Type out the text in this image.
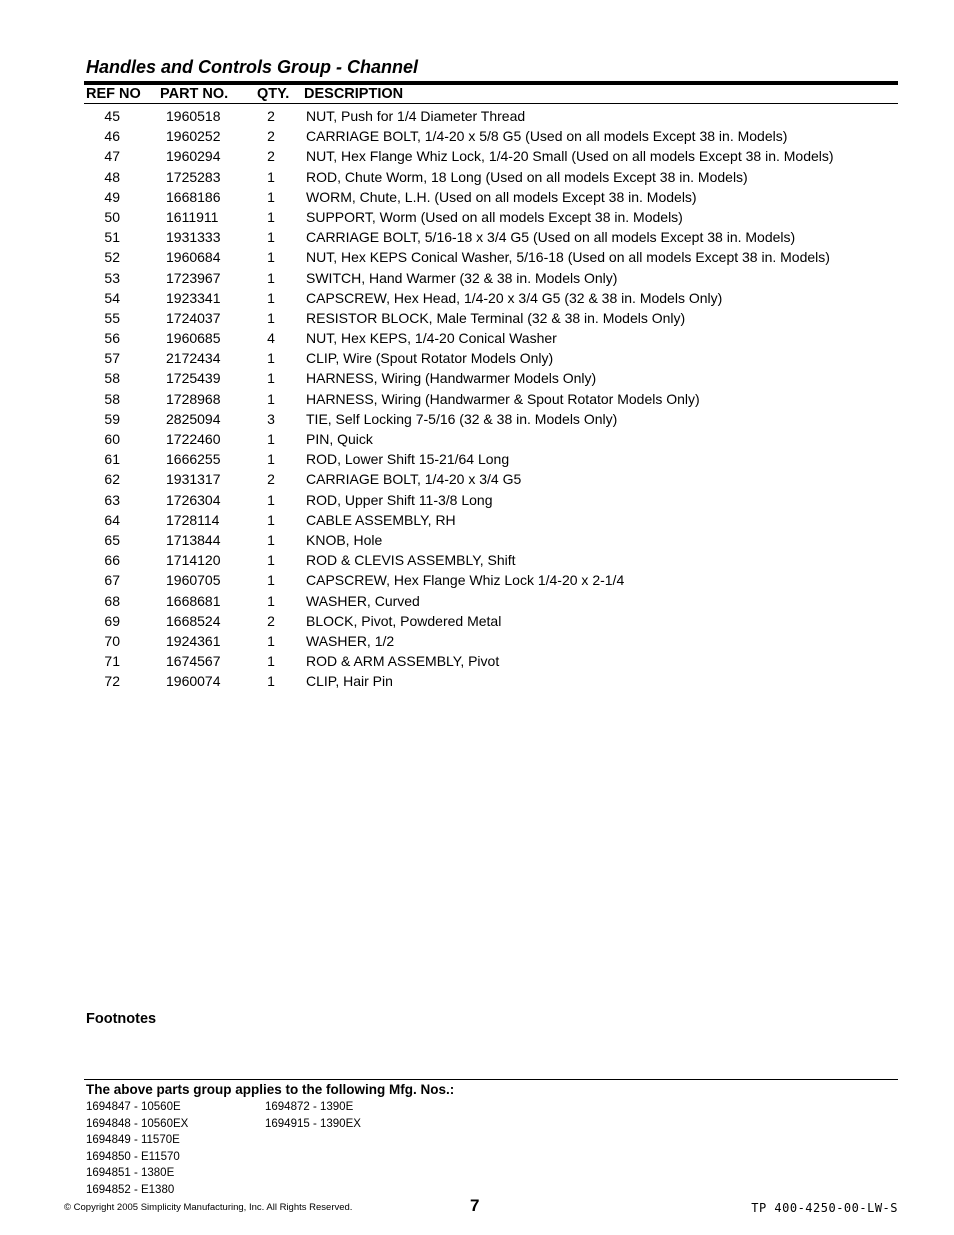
Handles and Controls Group - Channel
REF NO PART NO. QTY. DESCRIPTION
45	1960518	2 NUT, Push for 1/4 Diameter Thread
46	1960252	2 CARRIAGE BOLT, 1/4-20 x 5/8 G5 (Used on all models Except 38 in. Models)
47	1960294	2 NUT, Hex Flange Whiz Lock, 1/4-20 Small (Used on all models Except 38 in. Models)
48	1725283	1 ROD, Chute Worm, 18 Long (Used on all models Except 38 in. Models)
49	1668186	1 WORM, Chute, L.H. (Used on all models Except 38 in. Models)
50	1611911	1 SUPPORT, Worm (Used on all models Except 38 in. Models)
51	1931333	1 CARRIAGE BOLT, 5/16-18 x 3/4 G5 (Used on all models Except 38 in. Models)
52	1960684	1 NUT, Hex KEPS Conical Washer, 5/16-18 (Used on all models Except 38 in. Models)
53	1723967	1 SWITCH, Hand Warmer (32 & 38 in. Models Only)
54	1923341	1 CAPSCREW, Hex Head, 1/4-20 x 3/4 G5 (32 & 38 in. Models Only)
55	1724037	1 RESISTOR BLOCK, Male Terminal (32 & 38 in. Models Only)
56	1960685	4 NUT, Hex KEPS, 1/4-20 Conical Washer
57	2172434	1 CLIP, Wire (Spout Rotator Models Only)
58	1725439	1 HARNESS, Wiring (Handwarmer Models Only)
58	1728968	1 HARNESS, Wiring (Handwarmer & Spout Rotator Models Only)
59	2825094	3 TIE, Self Locking 7-5/16 (32 & 38 in. Models Only)
60	1722460	1 PIN, Quick
61	1666255	1 ROD, Lower Shift 15-21/64 Long
62	1931317	2 CARRIAGE BOLT, 1/4-20 x 3/4 G5
63	1726304	1 ROD, Upper Shift 11-3/8 Long
64	1728114	1 CABLE ASSEMBLY, RH
65	1713844	1 KNOB, Hole
66	1714120	1 ROD & CLEVIS ASSEMBLY, Shift
67	1960705	1 CAPSCREW, Hex Flange Whiz Lock 1/4-20 x 2-1/4
68	1668681	1 WASHER, Curved
69	1668524	2 BLOCK, Pivot, Powdered Metal
70	1924361	1 WASHER, 1/2
71	1674567	1 ROD & ARM ASSEMBLY, Pivot
72	1960074	1 CLIP, Hair Pin
Footnotes
The above parts group applies to the following Mfg. Nos.:
1694847 - 10560E
1694848 - 10560EX
1694849 - 11570E
1694850 - E11570
1694851 - 1380E
1694852 - E1380
1694872 - 1390E
1694915 - 1390EX
© Copyright 2005 Simplicity Manufacturing, Inc. All Rights Reserved.	7	TP 400-4250-00-LW-S
